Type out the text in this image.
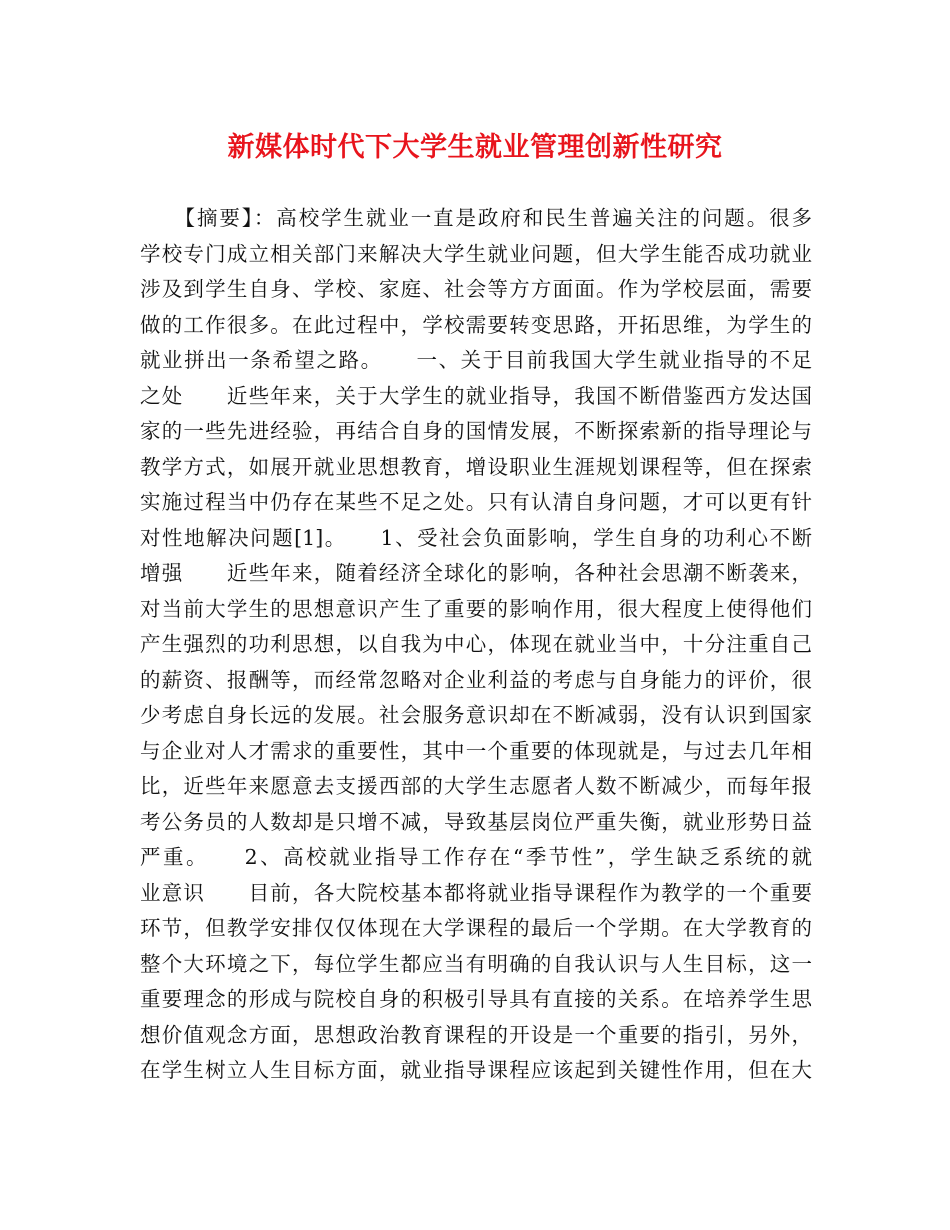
新媒体时代下大学生就业管理创新性研究
　　【摘要】：高校学生就业一直是政府和民生普遍关注的问题。很多
学校专门成立相关部门来解决大学生就业问题，但大学生能否成功就业
涉及到学生自身、学校、家庭、社会等方方面面。作为学校层面，需要
做的工作很多。在此过程中，学校需要转变思路，开拓思维，为学生的
就业拼出一条希望之路。　　一、关于目前我国大学生就业指导的不足
之处　　近些年来，关于大学生的就业指导，我国不断借鉴西方发达国
家的一些先进经验，再结合自身的国情发展，不断探索新的指导理论与
教学方式，如展开就业思想教育，增设职业生涯规划课程等，但在探索
实施过程当中仍存在某些不足之处。只有认清自身问题，才可以更有针
对性地解决问题[1]。　　1、受社会负面影响，学生自身的功利心不断
增强　　近些年来，随着经济全球化的影响，各种社会思潮不断袭来，
对当前大学生的思想意识产生了重要的影响作用，很大程度上使得他们
产生强烈的功利思想，以自我为中心，体现在就业当中，十分注重自己
的薪资、报酬等，而经常忽略对企业利益的考虑与自身能力的评价，很
少考虑自身长远的发展。社会服务意识却在不断减弱，没有认识到国家
与企业对人才需求的重要性，其中一个重要的体现就是，与过去几年相
比，近些年来愿意去支援西部的大学生志愿者人数不断减少，而每年报
考公务员的人数却是只增不减，导致基层岗位严重失衡，就业形势日益
严重。　　2、高校就业指导工作存在“季节性”，学生缺乏系统的就
业意识　　目前，各大院校基本都将就业指导课程作为教学的一个重要
环节，但教学安排仅仅体现在大学课程的最后一个学期。在大学教育的
整个大环境之下，每位学生都应当有明确的自我认识与人生目标，这一
重要理念的形成与院校自身的积极引导具有直接的关系。在培养学生思
想价值观念方面，思想政治教育课程的开设是一个重要的指引，另外，
在学生树立人生目标方面，就业指导课程应该起到关键性作用，但在大
